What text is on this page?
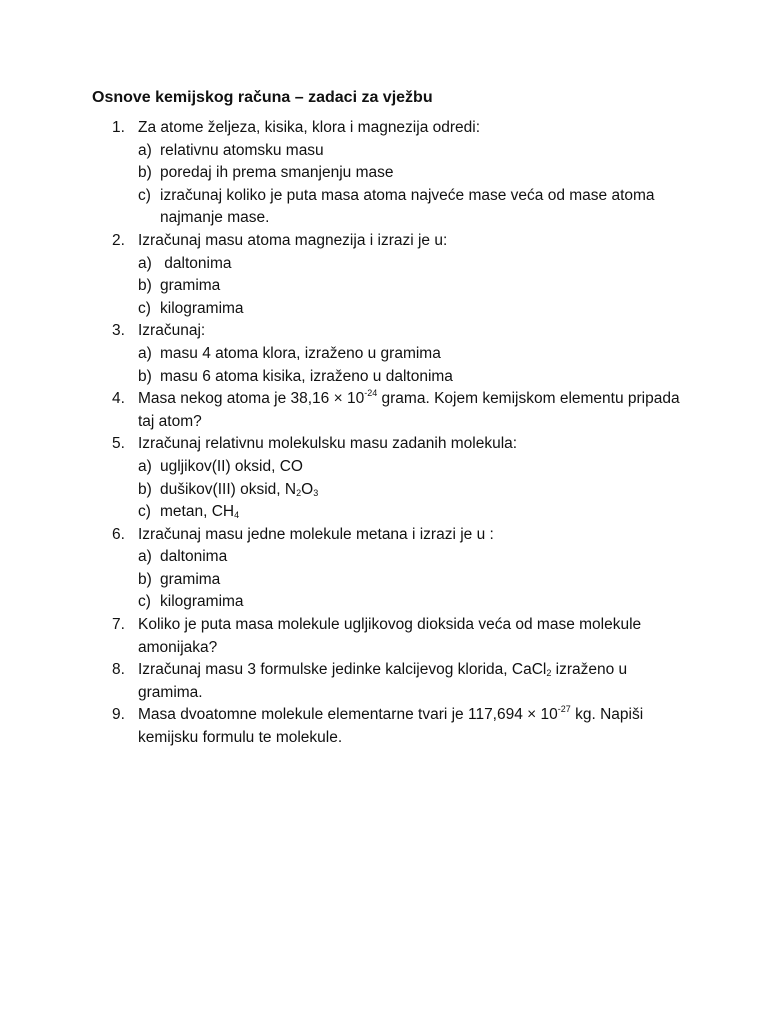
Osnove kemijskog računa – zadaci za vježbu
1. Za atome željeza, kisika, klora i magnezija odredi:
a) relativnu atomsku masu
b) poredaj ih prema smanjenju mase
c) izračunaj koliko je puta masa atoma najveće mase veća od mase atoma najmanje mase.
2. Izračunaj masu atoma magnezija i izrazi je u:
a) daltonima
b) gramima
c) kilogramima
3. Izračunaj:
a) masu 4 atoma klora, izraženo u gramima
b) masu 6 atoma kisika, izraženo u daltonima
4. Masa nekog atoma je $38,16 \times 10^{-24}$ grama. Kojem kemijskom elementu pripada taj atom?
5. Izračunaj relativnu molekulsku masu zadanih molekula:
a) ugljikov(II) oksid, CO
b) dušikov(III) oksid, $N_2O_3$
c) metan, $CH_4$
6. Izračunaj masu jedne molekule metana i izrazi je u :
a) daltonima
b) gramima
c) kilogramima
7. Koliko je puta masa molekule ugljikovog dioksida veća od mase molekule amonijaka?
8. Izračunaj masu 3 formulske jedinke kalcijevog klorida, CaCl$_2$ izraženo u gramima.
9. Masa dvoatomne molekule elementarne tvari je $117,694 \times 10^{-27}$ kg. Napiši kemijsku formulu te molekule.
